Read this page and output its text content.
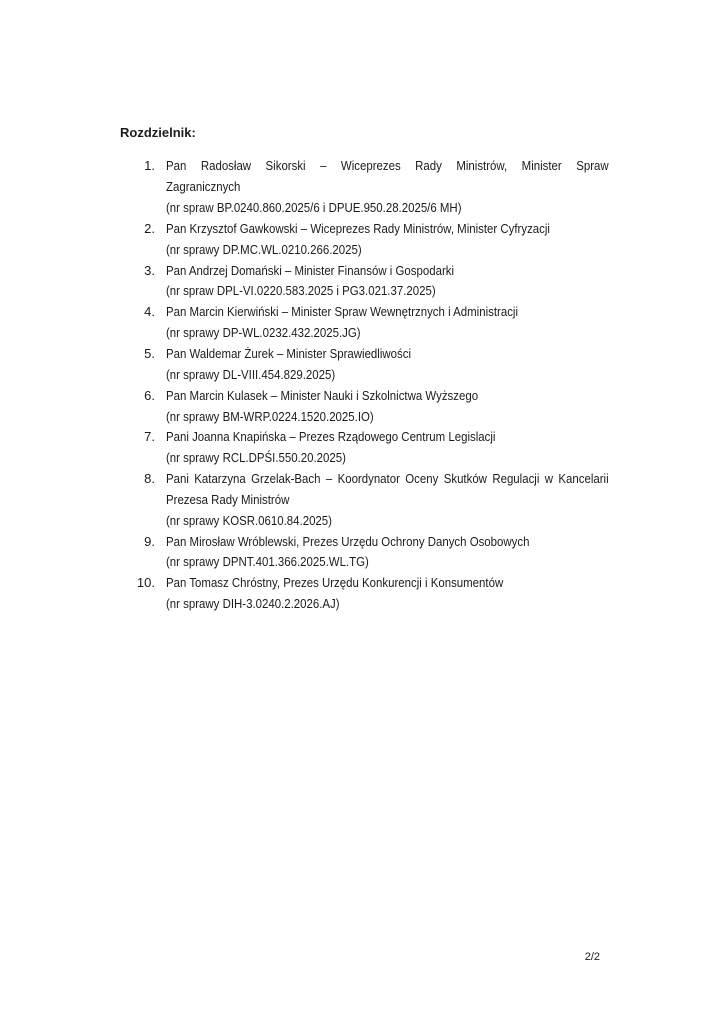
Rozdzielnik:
1. Pan Radosław Sikorski – Wiceprezes Rady Ministrów, Minister Spraw
Zagranicznych
(nr spraw BP.0240.860.2025/6 i DPUE.950.28.2025/6 MH)
2. Pan Krzysztof Gawkowski – Wiceprezes Rady Ministrów, Minister Cyfryzacji
(nr sprawy DP.MC.WL.0210.266.2025)
3. Pan Andrzej Domański – Minister Finansów i Gospodarki
(nr spraw DPL-VI.0220.583.2025 i PG3.021.37.2025)
4. Pan Marcin Kierwiński – Minister Spraw Wewnętrznych i Administracji
(nr sprawy DP-WL.0232.432.2025.JG)
5. Pan Waldemar Żurek – Minister Sprawiedliwości
(nr sprawy DL-VIII.454.829.2025)
6. Pan Marcin Kulasek – Minister Nauki i Szkolnictwa Wyższego
(nr sprawy BM-WRP.0224.1520.2025.IO)
7. Pani Joanna Knapińska – Prezes Rządowego Centrum Legislacji
(nr sprawy RCL.DPŚI.550.20.2025)
8. Pani Katarzyna Grzelak-Bach – Koordynator Oceny Skutków Regulacji w Kancelarii
Prezesa Rady Ministrów
(nr sprawy KOSR.0610.84.2025)
9. Pan Mirosław Wróblewski, Prezes Urzędu Ochrony Danych Osobowych
(nr sprawy DPNT.401.366.2025.WL.TG)
10. Pan Tomasz Chróstny, Prezes Urzędu Konkurencji i Konsumentów
(nr sprawy DIH-3.0240.2.2026.AJ)
2/2
